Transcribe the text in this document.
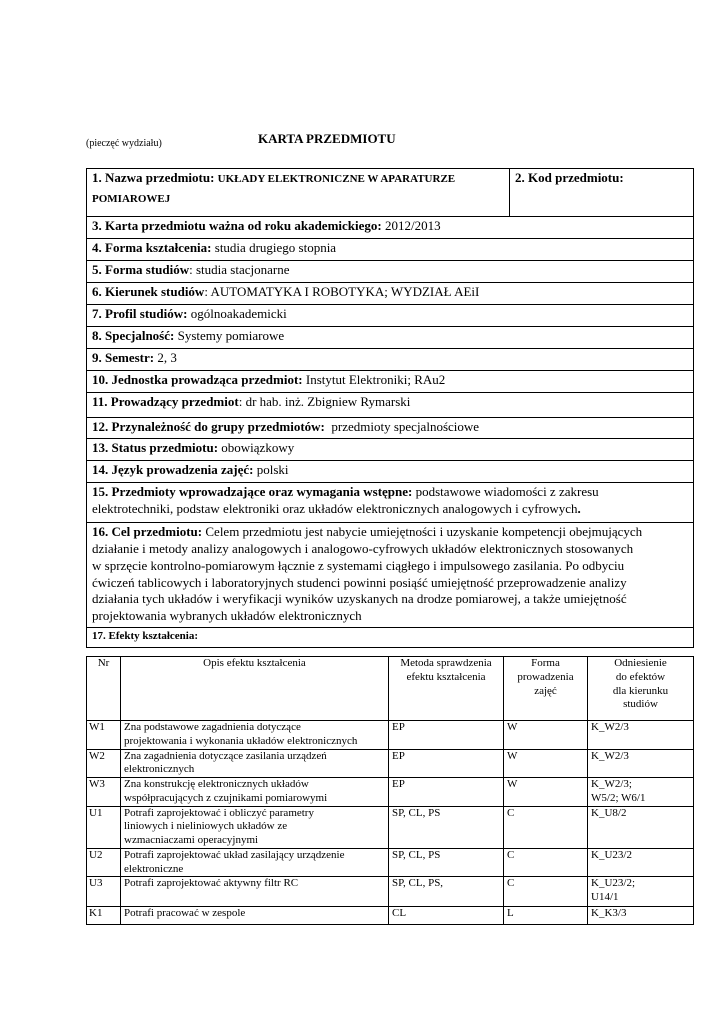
(pieczęć wydziału)	KARTA PRZEDMIOTU
1. Nazwa przedmiotu: UKŁADY ELEKTRONICZNE W APARATURZE
POMIAROWEJ	2. Kod przedmiotu:
3. Karta przedmiotu ważna od roku akademickiego: 2012/2013
4. Forma kształcenia: studia drugiego stopnia
5. Forma studiów: studia stacjonarne
6. Kierunek studiów: AUTOMATYKA I ROBOTYKA; WYDZIAŁ AEiI
7. Profil studiów: ogólnoakademicki
8. Specjalność: Systemy pomiarowe
9. Semestr: 2, 3
10. Jednostka prowadząca przedmiot: Instytut Elektroniki; RAu2
11. Prowadzący przedmiot: dr hab. inż. Zbigniew Rymarski
12. Przynależność do grupy przedmiotów: przedmioty specjalnościowe
13. Status przedmiotu: obowiązkowy
14. Język prowadzenia zajęć: polski
15. Przedmioty wprowadzające oraz wymagania wstępne: podstawowe wiadomości z zakresu
elektrotechniki, podstaw elektroniki oraz układów elektronicznych analogowych i cyfrowych.
16. Cel przedmiotu: Celem przedmiotu jest nabycie umiejętności i uzyskanie kompetencji obejmujących
działanie i metody analizy analogowych i analogowo-cyfrowych układów elektronicznych stosowanych
w sprzęcie kontrolno-pomiarowym łącznie z systemami ciągłego i impulsowego zasilania. Po odbyciu
ćwiczeń tablicowych i laboratoryjnych studenci powinni posiąść umiejętność przeprowadzenie analizy
działania tych układów i weryfikacji wyników uzyskanych na drodze pomiarowej, a także umiejętność
projektowania wybranych układów elektronicznych
17. Efekty kształcenia:
Nr	Opis efektu kształcenia	Metoda sprawdzenia
efektu kształcenia	Forma
prowadzenia
zajęć	Odniesienie
do efektów
dla kierunku
studiów
W1	Zna podstawowe zagadnienia dotyczące
projektowania i wykonania układów elektronicznych	EP	W	K_W2/3
W2	Zna zagadnienia dotyczące zasilania urządzeń
elektronicznych	EP	W	K_W2/3
W3	Zna konstrukcję elektronicznych układów
współpracujących z czujnikami pomiarowymi	EP	W	K_W2/3;
W5/2; W6/1
U1	Potrafi zaprojektować i obliczyć parametry
liniowych i nieliniowych układów ze
wzmacniaczami operacyjnymi	SP, CL, PS	C	K_U8/2
U2	Potrafi zaprojektować układ zasilający urządzenie
elektroniczne	SP, CL, PS	C	K_U23/2
U3	Potrafi zaprojektować aktywny filtr RC	SP, CL, PS,	C	K_U23/2;
U14/1
K1	Potrafi pracować w zespole	CL	L	K_K3/3
